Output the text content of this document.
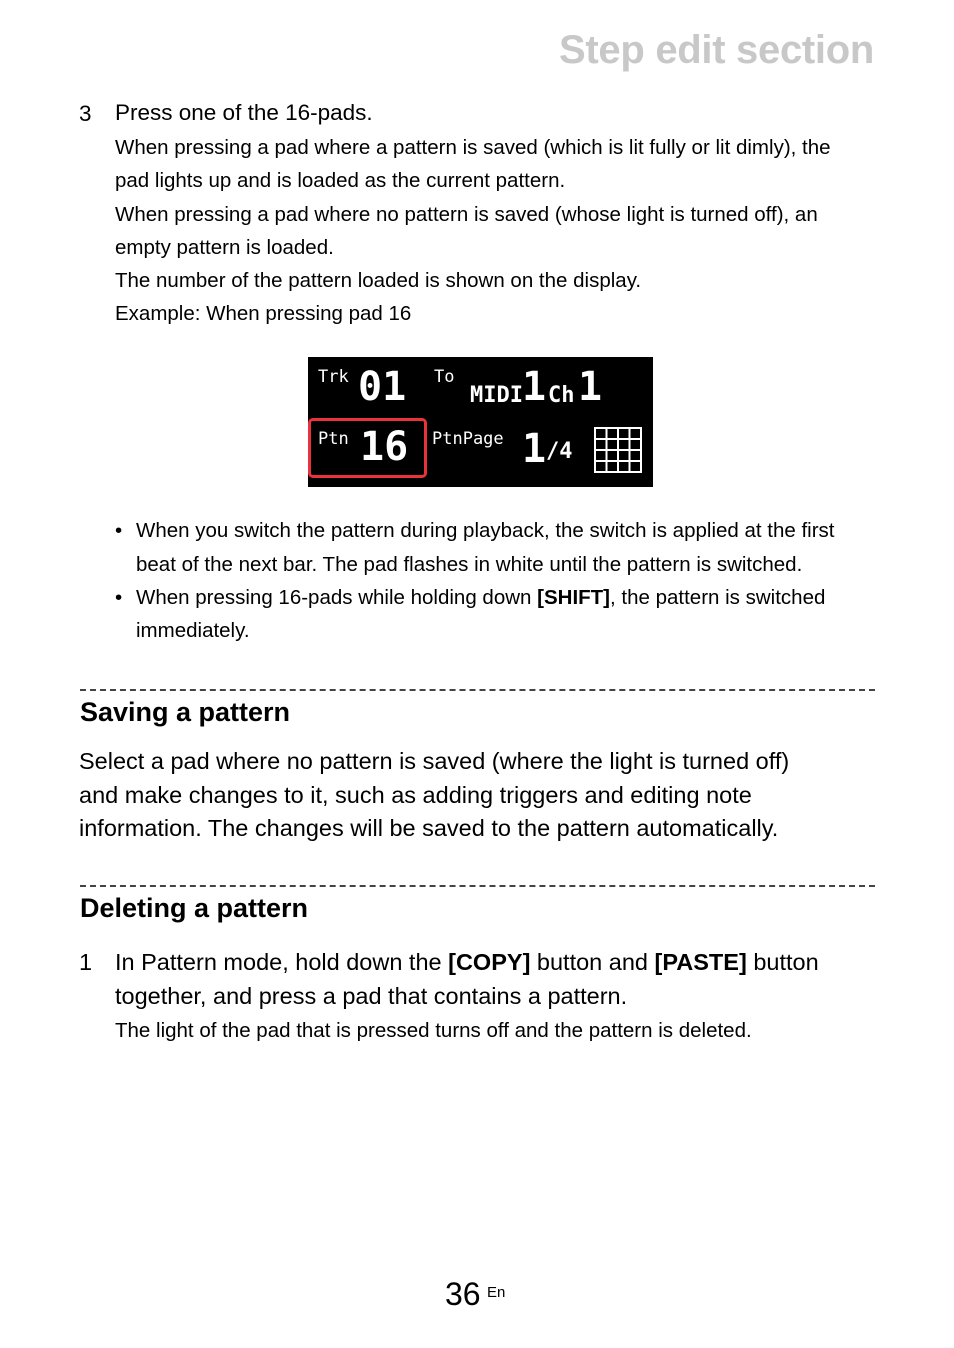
Step edit section
3 Press one of the 16-pads.
When pressing a pad where a pattern is saved (which is lit fully or lit dimly), the
pad lights up and is loaded as the current pattern.
When pressing a pad where no pattern is saved (whose light is turned off), an
empty pattern is loaded.
The number of the pattern loaded is shown on the display.
Example: When pressing pad 16
Trk 01 To
MIDI 1 Ch 1
Ptn 16 PtnPage 1 /4
• When you switch the pattern during playback, the switch is applied at the first
beat of the next bar. The pad flashes in white until the pattern is switched.
• When pressing 16-pads while holding down [SHIFT], the pattern is switched
immediately.
Saving a pattern
Select a pad where no pattern is saved (where the light is turned off)
and make changes to it, such as adding triggers and editing note
information. The changes will be saved to the pattern automatically.
Deleting a pattern
1 In Pattern mode, hold down the [COPY] button and [PASTE] button
together, and press a pad that contains a pattern.
The light of the pad that is pressed turns off and the pattern is deleted.
36 En
